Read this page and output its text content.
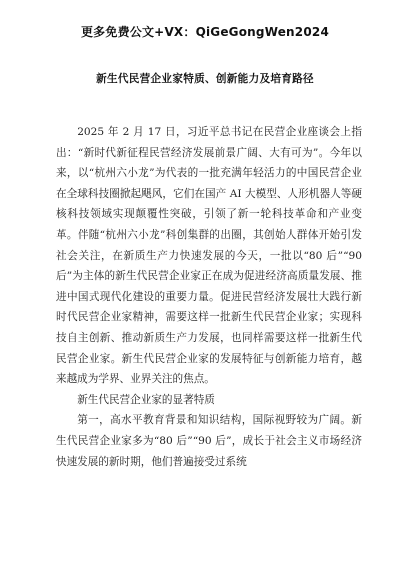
更多免费公文+VX：QiGeGongWen2024
新生代民营企业家特质、创新能力及培育路径

2025 年 2 月 17 日，习近平总书记在民营企业座谈会上指出：“新时代新征程民营经济发展前景广阔、大有可为”。今年以来，以“杭州六小龙”为代表的一批充满年轻活力的中国民营企业在全球科技圈掀起飓风，它们在国产 AI 大模型、人形机器人等硬核科技领域实现颠覆性突破，引领了新一轮科技革命和产业变革。伴随“杭州六小龙”科创集群的出圈，其创始人群体开始引发社会关注，在新质生产力快速发展的今天，一批以“80 后”“90 后”为主体的新生代民营企业家正在成为促进经济高质量发展、推进中国式现代化建设的重要力量。促进民营经济发展壮大践行新时代民营企业家精神，需要这样一批新生代民营企业家；实现科技自主创新、推动新质生产力发展，也同样需要这样一批新生代民营企业家。新生代民营企业家的发展特征与创新能力培育，越来越成为学界、业界关注的焦点。

新生代民营企业家的显著特质

第一，高水平教育背景和知识结构，国际视野较为广阔。新生代民营企业家多为“80 后”“90 后”，成长于社会主义市场经济快速发展的新时期，他们普遍接受过系统
